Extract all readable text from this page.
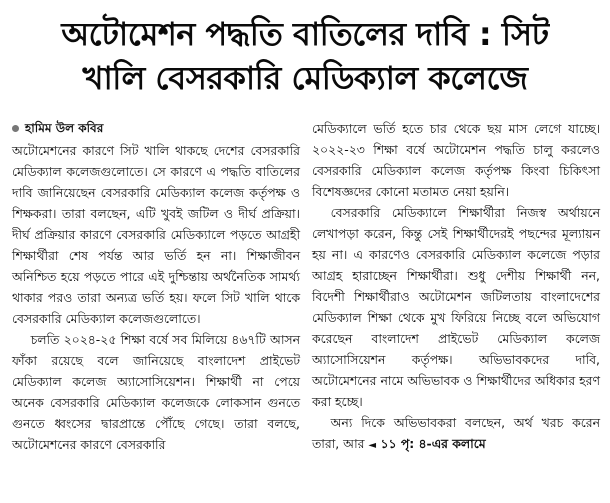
অটোমেশন পদ্ধতি বাতিলের দাবি : সিট
খালি বেসরকারি মেডিক্যাল কলেজে
হামিম উল কবির

অটোমেশনের কারণে সিট খালি থাকছে দেশের বেসরকারি মেডিক্যাল কলেজগুলোতে। সে কারণে এ পদ্ধতি বাতিলের দাবি জানিয়েছেন বেসরকারি মেডিক্যাল কলেজ কর্তৃপক্ষ ও শিক্ষকরা। তারা বলছেন, এটি খুবই জটিল ও দীর্ঘ প্রক্রিয়া। দীর্ঘ প্রক্রিয়ার কারণে বেসরকারি মেডিক্যালে পড়তে আগ্রহী শিক্ষার্থীরা শেষ পর্যন্ত আর ভর্তি হন না। শিক্ষাজীবন অনিশ্চিত হয়ে পড়তে পারে এই দুশ্চিন্তায় অর্থনৈতিক সামর্থ্য থাকার পরও তারা অন্যত্র ভর্তি হয়। ফলে সিট খালি থাকে বেসরকারি মেডিক্যাল কলেজগুলোতে।

চলতি ২০২৪-২৫ শিক্ষা বর্ষে সব মিলিয়ে ৪৬৭টি আসন ফাঁকা রয়েছে বলে জানিয়েছে বাংলাদেশ প্রাইভেট মেডিক্যাল কলেজ অ্যাসোসিয়েশন। শিক্ষার্থী না পেয়ে অনেক বেসরকারি মেডিক্যাল কলেজকে লোকসান গুনতে গুনতে ধ্বংসের দ্বারপ্রান্তে পৌঁছে গেছে। তারা বলছে, অটোমেশনের কারণে বেসরকারি

মেডিক্যালে ভর্তি হতে চার থেকে ছয় মাস লেগে যাচ্ছে। ২০২২-২৩ শিক্ষা বর্ষে অটোমেশন পদ্ধতি চালু করলেও বেসরকারি মেডিক্যাল কলেজ কর্তৃপক্ষ কিংবা চিকিৎসা বিশেষজ্ঞদের কোনো মতামত নেয়া হয়নি।

বেসরকারি মেডিক্যালে শিক্ষার্থীরা নিজস্ব অর্থায়নে লেখাপড়া করেন, কিন্তু সেই শিক্ষার্থীদেরই পছন্দের মূল্যায়ন হয় না। এ কারণেও বেসরকারি মেডিক্যাল কলেজে পড়ার আগ্রহ হারাচ্ছেন শিক্ষার্থীরা। শুধু দেশীয় শিক্ষার্থী নন, বিদেশী শিক্ষার্থীরাও অটোমেশন জটিলতায় বাংলাদেশের মেডিক্যাল শিক্ষা থেকে মুখ ফিরিয়ে নিচ্ছে বলে অভিযোগ করেছেন বাংলাদেশ প্রাইভেট মেডিক্যাল কলেজ অ্যাসোসিয়েশন কর্তৃপক্ষ। অভিভাবকদের দাবি, অটোমেশনের নামে অভিভাবক ও শিক্ষার্থীদের অধিকার হরণ করা হচ্ছে।

অন্য দিকে অভিভাবকরা বলছেন, অর্থ খরচ করেন তারা, আর ◄ ১১ পৃ: ৪-এর কলামে
